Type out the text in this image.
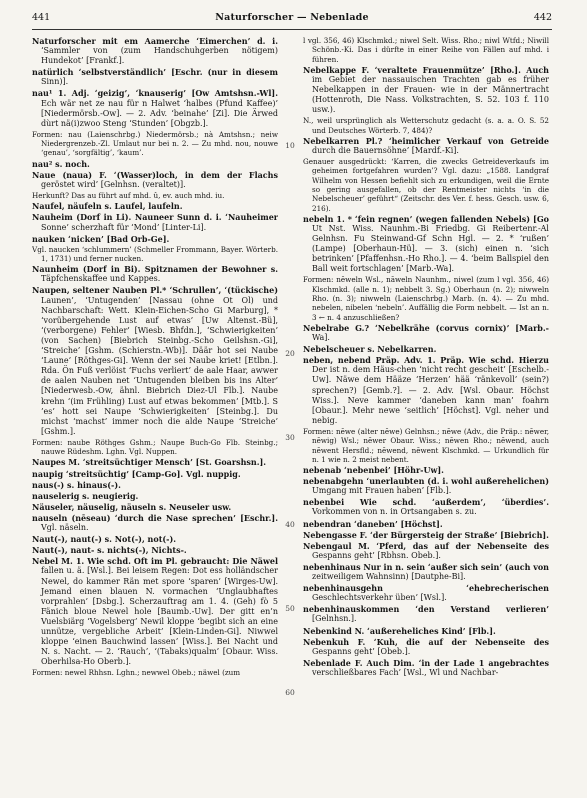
441	Naturforscher — Nebenlade	442

Naturforscher mit em Aamerche ‘Eimerchen’ d. i. ‘Sammler von (zum Handschuhgerben nötigem) Hundekot’ [Frankf.].

natürlich ‘selbstverständlich’ [Eschr. (nur in diesem Sinn)].

nau¹ 1. Adj. ‘geizig’, ‘knauserig’ [Ow Amtshsn.-Wl]. Ech wär net ze nau für n Halwet ‘halbes (Pfund Kaffee)’ [Niedermörsb.-Ow]. — 2. Adv. ‘beinahe’ [Zi]. Die Ärwed dùrt nä(i)zwoo Steng ‘Stunden’ [Obgzb.].

Formen: nau (Laienschrbg.) Niedermörsb.; nà Amtshsn.; neiw Niedergrenzeb.-Zl. Umlaut nur bei n. 2. — Zu mhd. nou, nouwe ‘genau’, ‘sorgfältig’, ‘kaum’.

nau² s. noch.

Naue (naua) F. ‘(Wasser)loch, in dem der Flachs geröstet wird’ [Gelnhsn. (veraltet)].

Herkunft? Das au führt auf mhd. û, ev. auch mhd. iu.

Naufel, näufeln s. Laufel, laufeln.

Nauheim (Dorf in Li). Nauneer Sunn d. i. ‘Nauheimer Sonne’ scherzhaft für ‘Mond’ [Linter-Li].

nauken ‘nicken’ [Bad Orb-Ge].

Vgl. naucken ‘schlummern’ (Schmeller Frommann, Bayer. Wörterb. 1, 1731) und ferner nucken.

Naunheim (Dorf in Bi). Spitznamen der Bewohner s. Täpfchenskaffee und Kappes.

Naupen, seltener Nauben Pl.* ‘Schrullen’, ‘(tückische) Launen’, ‘Untugenden’ [Nassau (ohne Ot Ol) und Nachbarschaft: Wett. Klein-Eichen-Scho Gi Marburg], * ‘vorübergehende Lust auf etwas’ [Uw Altenst.-Bü], ‘(verborgene) Fehler’ [Wiesb. Bhfdn.], ‘Schwierigkeiten’ (von Sachen) [Biebrich Steinbg.-Scho Geilshsn.-Gi], ‘Streiche’ [Gshm. (Schierstn.-Wb)]. Däär hot sei Naube ‘Laune’ [Röthges-Gi]. Wenn der sei Naube kriet! [Etlbn.]. Rda. Ön Fuß verlöist ‘Fuchs verliert’ de aale Haar, awwer de aalen Nauben net ‘Untugenden bleiben bis ins Alter’ [Niederwesb.-Ow, ähnl. Biebrich Diez-Ul Flb.]. Naube krehn ‘(im Frühling) Lust auf etwas bekommen’ [Mtb.]. S ’es’ hott sei Naupe ‘Schwierigkeiten’ [Steinbg.]. Du michst ‘machst’ immer noch die alde Naupe ‘Streiche’ [Gshm.].

Formen: naube Röthges Gshm.; Naupe Buch-Go Flb. Steinbg.; nauwe Rüdeshm. Lghn. Vgl. Nuppen.

Naupes M. ‘streitsüchtiger Mensch’ [St. Goarshsn.].

naupig ‘streitsüchtig’ [Camp-Go]. Vgl. nuppig.

naus(-) s. hinaus(-).

nauselerig s. neugierig.

Näuseler, näuselig, näuseln s. Neuseler usw.

nauseln (nēseau) ‘durch die Nase sprechen’ [Eschr.]. Vgl. näseln.

Naut(-), naut(-) s. Not(-), not(-).

Naut(-), naut- s. nichts(-), Nichts-.

Nebel M. 1. Wie schd. Oft im Pl. gebraucht: Die Näwel fallen u. ä. [Wsl.]. Bei leisem Regen: Dot ess holländscher Newel, do kammer Rän met spore ‘sparen’ [Wirges-Uw]. Jemand einen blauen N. vormachen ‘Unglaubhaftes vorprahlen’ [Dsbg.]. Scherzauftrag am 1. 4. (Geh) fò 5 Fänich bloue Newel hole [Baumb.-Uw]. Der gitt en’n Vuelsbiärg ‘Vogelsberg’ Newil kloppe ‘begibt sich an eine unnütze, vergebliche Arbeit’ [Klein-Linden-Gi]. Niwwel kloppe ‘einen Bauchwind lassen’ [Wiss.]. Bei Nacht und N. s. Nacht. — 2. ‘Rauch’, ‘(Tabaks)qualm’ [Obaur. Wiss. Oberhilsa-Ho Oberb.].

Formen: newel Rhhsn. Lghn.; newwel Obeb.; näwel (zum

10
20
30
40
50
60

l vgl. 356, 46) Klschmkd.; niwel Selt. Wiss. Rho.; niwl Wtfd.; Niwill Schönb.-Ki. Das i dürfte in einer Reihe von Fällen auf mhd. i führen.

Nebelkappe F. ‘veraltete Frauenmütze’ [Rho.]. Auch im Gebiet der nassauischen Trachten gab es früher Nebelkappen in der Frauen- wie in der Männertracht (Hottenroth, Die Nass. Volkstrachten, S. 52. 103 f. 110 usw.).

N., weil ursprünglich als Wetterschutz gedacht (s. a. a. O. S. 52 und Deutsches Wörterb. 7, 484)?

Nebelkarren Pl.? ‘heimlicher Verkauf von Getreide durch die Bauernsöhne’ [Mardf.-Ki].

Genauer ausgedrückt: ‘Karren, die zwecks Getreideverkaufs im geheimen fortgefahren wurden’? Vgl. dazu: „1588. Landgraf Wilhelm von Hessen befiehlt sich zu erkundigen, weil die Ernte so gering ausgefallen, ob der Rentmeister nichts ‘in die Nebelscheuer’ geführt“ (Zeitschr. des Ver. f. hess. Gesch. usw. 6, 216).

nebeln 1. * ‘fein regnen’ (wegen fallenden Nebels) [Go Ut Nst. Wiss. Naunhm.-Bi Friedbg. Gi Reibertenr.-Al Gelnhsn. Fu Steinwand-Gf Schn Hgl. — 2. * ‘rußen’ (Lampe) [Oberhaun-Hü]. — 3. (sich) einen n. ‘sich betrinken’ [Pfaffenhsn.-Ho Rho.]. — 4. ‘beim Ballspiel den Ball weit fortschlagen’ [Marb.-Wa].

Formen: nēweln Wsl., nāweln Naunhm., niwel (zum l vgl. 356, 46) Klschmkd. (alle n. 1); nebbelt 3. Sg.) Oberhaun (n. 2); niwweln Rho. (n. 3); niwweln (Laienschrbg.) Marb. (n. 4). — Zu mhd. nebelen, nibelen ‘nebeln’. Auffällig die Form nebbelt. — Ist an n. 3 ← n. 4 anzuschließen?

Nebelrabe G.? ‘Nebelkrähe (corvus cornix)’ [Marb.-Wa].

Nebelscheuer s. Nebelkarren.

neben, nebend Präp. Adv. 1. Präp. Wie schd. Hierzu Der ist n. dem Häus-chen ‘nicht recht gescheit’ [Eschelb.-Uw]. Näwe dem Hääze ‘Herzen’ hää ‘ränkevoll’ (sein?) sprechen?) [Gemb.?]. — 2. Adv. [Wsl. Obaur. Höchst Wiss.]. Neve kammer ‘daneben kann man’ foahrn [Obaur.]. Mehr newe ‘seitlich’ [Höchst]. Vgl. neher und nebig.

Formen: nēwe (alter nēwe) Gelnhsn.; nēwe (Adv., die Präp.: nēwer, nēwig) Wsl.; nēwer Obaur. Wiss.; nēwen Rho.; nēwend, auch nēwent Hersfld.; nēwend, nēwent Klschmkd. — Urkundlich für n. 1 wie n. 2 meist nebent.

nebenab ‘nebenbei’ [Höhr-Uw].

nebenabgehn ‘unerlaubten (d. i. wohl außerehelichen) Umgang mit Frauen haben’ [Flb.].

nebenbei Wie schd. ‘außerdem’, ‘überdies’. Vorkommen von n. in Ortsangaben s. zu.

nebendran ‘daneben’ [Höchst].

Nebengasse F. ‘der Bürgersteig der Straße’ [Biebrich].

Nebengaul M. ‘Pferd, das auf der Nebenseite des Gespanns geht’ [Rbhsn. Obeb.].

nebenhinaus Nur in n. sein ‘außer sich sein’ (auch von zeitweiligem Wahnsinn) [Dautphe-Bi].

nebenhinausgehn ‘ehebrecherischen Geschlechtsverkehr üben’ [Wsl.].

nebenhinauskommen ‘den Verstand verlieren’ [Gelnhsn.].

Nebenkind N. ‘außereheliches Kind’ [Flb.].

Nebenkuh F. ‘Kuh, die auf der Nebenseite des Gespanns geht’ [Obeb.].

Nebenlade F. Auch Dim. ‘in der Lade 1 angebrachtes verschließbares Fach’ [Wsl., Wl und Nachbar-
